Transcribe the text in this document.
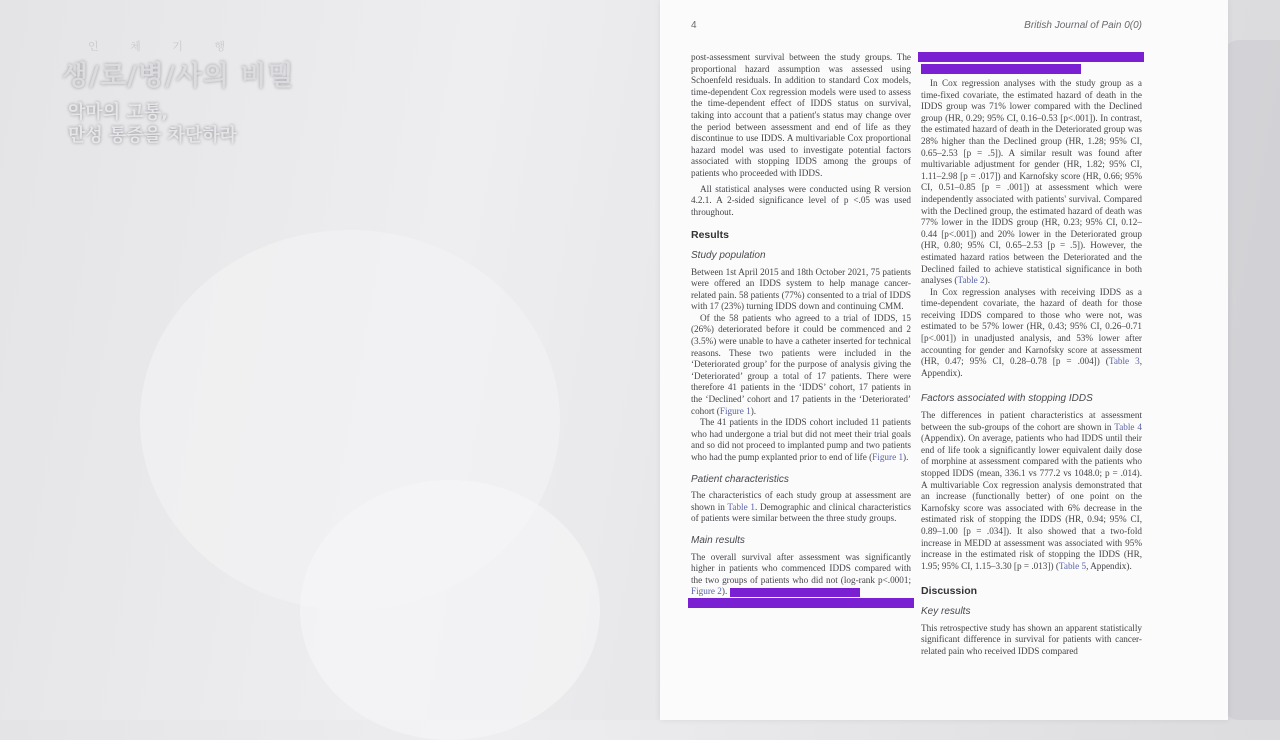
인 체 기 행
생/로/병/사의 비밀
악마의 고통,
만성 통증을 차단하라
4	British Journal of Pain 0(0)

post-assessment survival between the study groups. The proportional hazard assumption was assessed using Schoenfeld residuals. In addition to standard Cox models, time-dependent Cox regression models were used to assess the time-dependent effect of IDDS status on survival, taking into account that a patient's status may change over the period between assessment and end of life as they discontinue to use IDDS. A multivariable Cox proportional hazard model was used to investigate potential factors associated with stopping IDDS among the groups of patients who proceeded with IDDS.

All statistical analyses were conducted using R version 4.2.1. A 2-sided significance level of p <.05 was used throughout.

Results
Study population

Between 1st April 2015 and 18th October 2021, 75 patients were offered an IDDS system to help manage cancer-related pain. 58 patients (77%) consented to a trial of IDDS with 17 (23%) turning IDDS down and continuing CMM.

Of the 58 patients who agreed to a trial of IDDS, 15 (26%) deteriorated before it could be commenced and 2 (3.5%) were unable to have a catheter inserted for technical reasons. These two patients were included in the ‘Deteriorated group’ for the purpose of analysis giving the ‘Deteriorated’ group a total of 17 patients. There were therefore 41 patients in the ‘IDDS’ cohort, 17 patients in the ‘Declined’ cohort and 17 patients in the ‘Deteriorated’ cohort (Figure 1).

The 41 patients in the IDDS cohort included 11 patients who had undergone a trial but did not meet their trial goals and so did not proceed to implanted pump and two patients who had the pump explanted prior to end of life (Figure 1).

Patient characteristics

The characteristics of each study group at assessment are shown in Table 1. Demographic and clinical characteristics of patients were similar between the three study groups.

Main results

The overall survival after assessment was significantly higher in patients who commenced IDDS compared with the two groups of patients who did not (log-rank p<.0001; Figure 2).

In Cox regression analyses with the study group as a time-fixed covariate, the estimated hazard of death in the IDDS group was 71% lower compared with the Declined group (HR, 0.29; 95% CI, 0.16–0.53 [p<.001]). In contrast, the estimated hazard of death in the Deteriorated group was 28% higher than the Declined group (HR, 1.28; 95% CI, 0.65–2.53 [p = .5]). A similar result was found after multivariable adjustment for gender (HR, 1.82; 95% CI, 1.11–2.98 [p = .017]) and Karnofsky score (HR, 0.66; 95% CI, 0.51–0.85 [p = .001]) at assessment which were independently associated with patients' survival. Compared with the Declined group, the estimated hazard of death was 77% lower in the IDDS group (HR, 0.23; 95% CI, 0.12–0.44 [p<.001]) and 20% lower in the Deteriorated group (HR, 0.80; 95% CI, 0.65–2.53 [p = .5]). However, the estimated hazard ratios between the Deteriorated and the Declined failed to achieve statistical significance in both analyses (Table 2).

In Cox regression analyses with receiving IDDS as a time-dependent covariate, the hazard of death for those receiving IDDS compared to those who were not, was estimated to be 57% lower (HR, 0.43; 95% CI, 0.26–0.71 [p<.001]) in unadjusted analysis, and 53% lower after accounting for gender and Karnofsky score at assessment (HR, 0.47; 95% CI, 0.28–0.78 [p = .004]) (Table 3, Appendix).

Factors associated with stopping IDDS

The differences in patient characteristics at assessment between the sub-groups of the cohort are shown in Table 4 (Appendix). On average, patients who had IDDS until their end of life took a significantly lower equivalent daily dose of morphine at assessment compared with the patients who stopped IDDS (mean, 336.1 vs 777.2 vs 1048.0; p = .014). A multivariable Cox regression analysis demonstrated that an increase (functionally better) of one point on the Karnofsky score was associated with 6% decrease in the estimated risk of stopping the IDDS (HR, 0.94; 95% CI, 0.89–1.00 [p = .034]). It also showed that a two-fold increase in MEDD at assessment was associated with 95% increase in the estimated risk of stopping the IDDS (HR, 1.95; 95% CI, 1.15–3.30 [p = .013]) (Table 5, Appendix).

Discussion
Key results

This retrospective study has shown an apparent statistically significant difference in survival for patients with cancer-related pain who received IDDS compared
